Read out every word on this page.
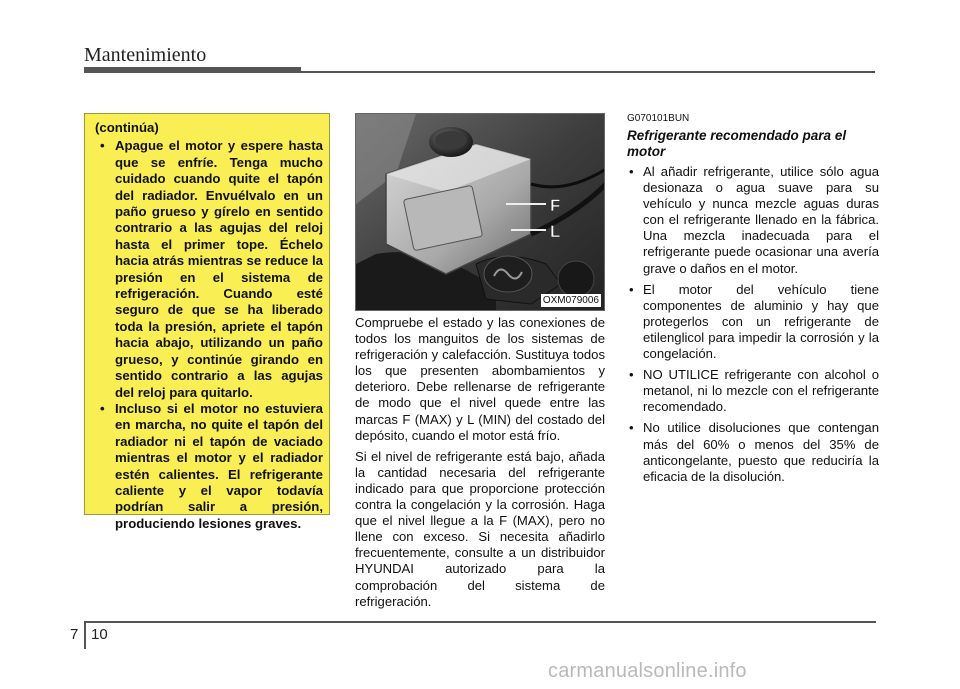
Mantenimiento
(continúa)
• Apague el motor y espere hasta que se enfríe. Tenga mucho cuidado cuando quite el tapón del radiador. Envuélvalo en un paño grueso y gírelo en sentido contrario a las agujas del reloj hasta el primer tope. Échelo hacia atrás mientras se reduce la presión en el sistema de refrigeración. Cuando esté seguro de que se ha liberado toda la presión, apriete el tapón hacia abajo, utilizando un paño grueso, y continúe girando en sentido contrario a las agujas del reloj para quitarlo.
• Incluso si el motor no estuviera en marcha, no quite el tapón del radiador ni el tapón de vaciado mientras el motor y el radiador estén calientes. El refrigerante caliente y el vapor todavía podrían salir a presión, produciendo lesiones graves.
F
L
OXM079006

Compruebe el estado y las conexiones de todos los manguitos de los sistemas de refrigeración y calefacción. Sustituya todos los que presenten abombamientos y deterioro. Debe rellenarse de refrigerante de modo que el nivel quede entre las marcas F (MAX) y L (MIN) del costado del depósito, cuando el motor está frío.

Si el nivel de refrigerante está bajo, añada la cantidad necesaria del refrigerante indicado para que proporcione protección contra la congelación y la corrosión. Haga que el nivel llegue a la F (MAX), pero no llene con exceso. Si necesita añadirlo frecuentemente, consulte a un distribuidor HYUNDAI autorizado para la comprobación del sistema de refrigeración.

G070101BUN
Refrigerante recomendado para el motor
• Al añadir refrigerante, utilice sólo agua desionaza o agua suave para su vehículo y nunca mezcle aguas duras con el refrigerante llenado en la fábrica. Una mezcla inadecuada para el refrigerante puede ocasionar una avería grave o daños en el motor.
• El motor del vehículo tiene componentes de aluminio y hay que protegerlos con un refrigerante de etilenglicol para impedir la corrosión y la congelación.
• NO UTILICE refrigerante con alcohol o metanol, ni lo mezcle con el refrigerante recomendado.
• No utilice disoluciones que contengan más del 60% o menos del 35% de anticongelante, puesto que reduciría la eficacia de la disolución.
7 10
carmanualsonline.info
